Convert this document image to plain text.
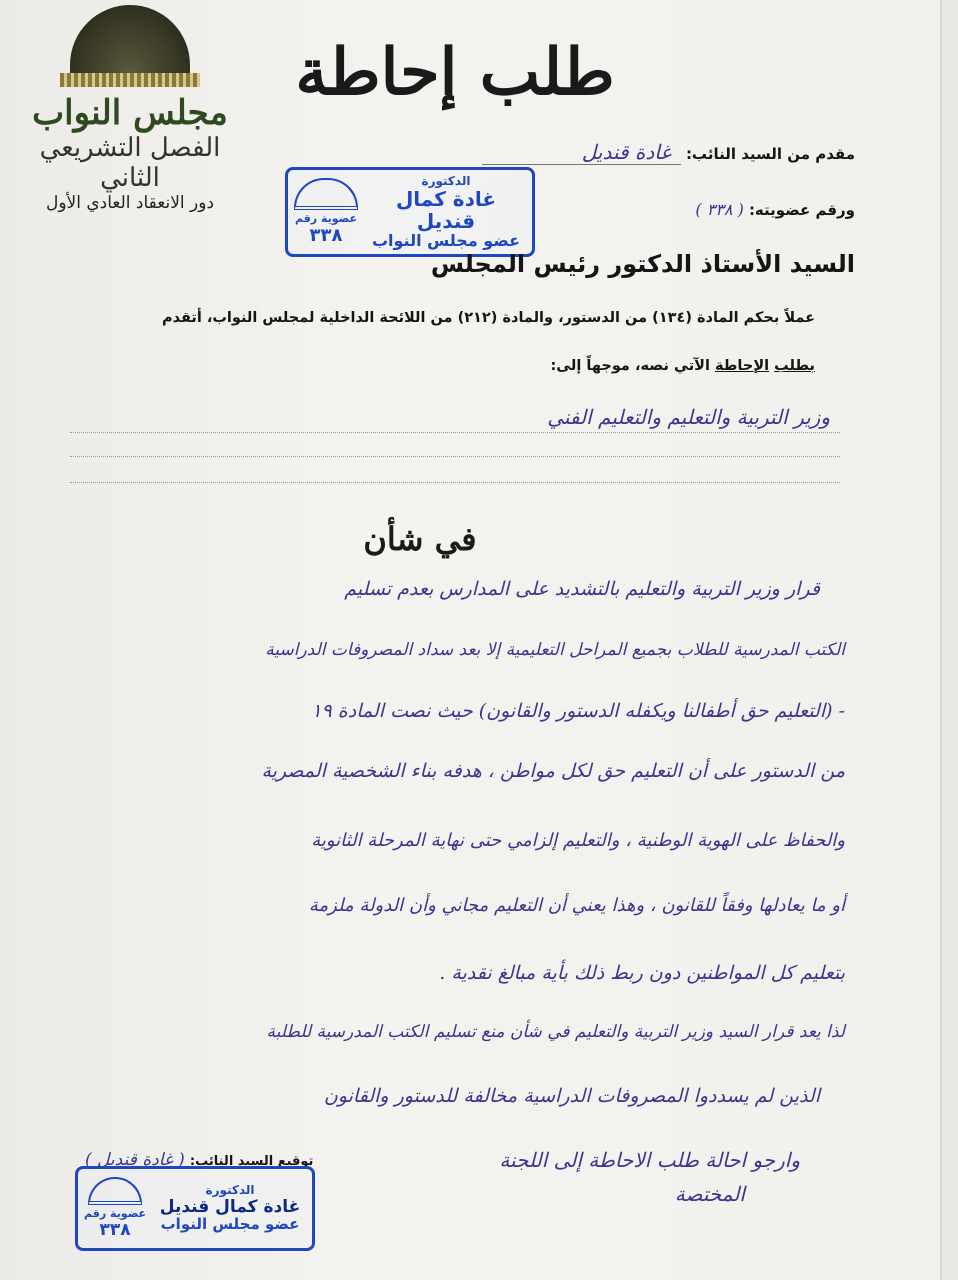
مجلس النواب
الفصل التشريعي الثاني
دور الانعقاد العادي الأول
طلب إحاطة
مقدم من السيد النائب: غادة قنديل
ورقم عضويته: ( ٣٣٨ )
الدكتورة
غادة كمال قنديل
عضو مجلس النواب
عضوية رقم
٣٣٨
السيد الأستاذ الدكتور رئيس المجلس
عملاً بحكم المادة (١٣٤) من الدستور، والمادة (٢١٢) من اللائحة الداخلية لمجلس النواب، أتقدم
بطلب الإحاطة الآتي نصه، موجهاً إلى:
وزير التربية والتعليم والتعليم الفني
في شأن
قرار وزير التربية والتعليم بالتشديد على المدارس بعدم تسليم
الكتب المدرسية للطلاب بجميع المراحل التعليمية إلا بعد سداد المصروفات الدراسية
- (التعليم حق أطفالنا ويكفله الدستور والقانون) حيث نصت المادة ١٩
من الدستور على أن التعليم حق لكل مواطن ، هدفه بناء الشخصية المصرية
والحفاظ على الهوية الوطنية ، والتعليم إلزامي حتى نهاية المرحلة الثانوية
أو ما يعادلها وفقاً للقانون ، وهذا يعني أن التعليم مجاني وأن الدولة ملزمة
بتعليم كل المواطنين دون ربط ذلك بأية مبالغ نقدية .
لذا يعد قرار السيد وزير التربية والتعليم في شأن منع تسليم الكتب المدرسية للطلبة
الذين لم يسددوا المصروفات الدراسية مخالفة للدستور والقانون
وارجو احالة طلب الاحاطة إلى اللجنة
المختصة
توقيع السيد النائب: ( غادة قنديل )
الدكتورة
غادة كمال قنديل
عضو مجلس النواب
عضوية رقم
٣٣٨
